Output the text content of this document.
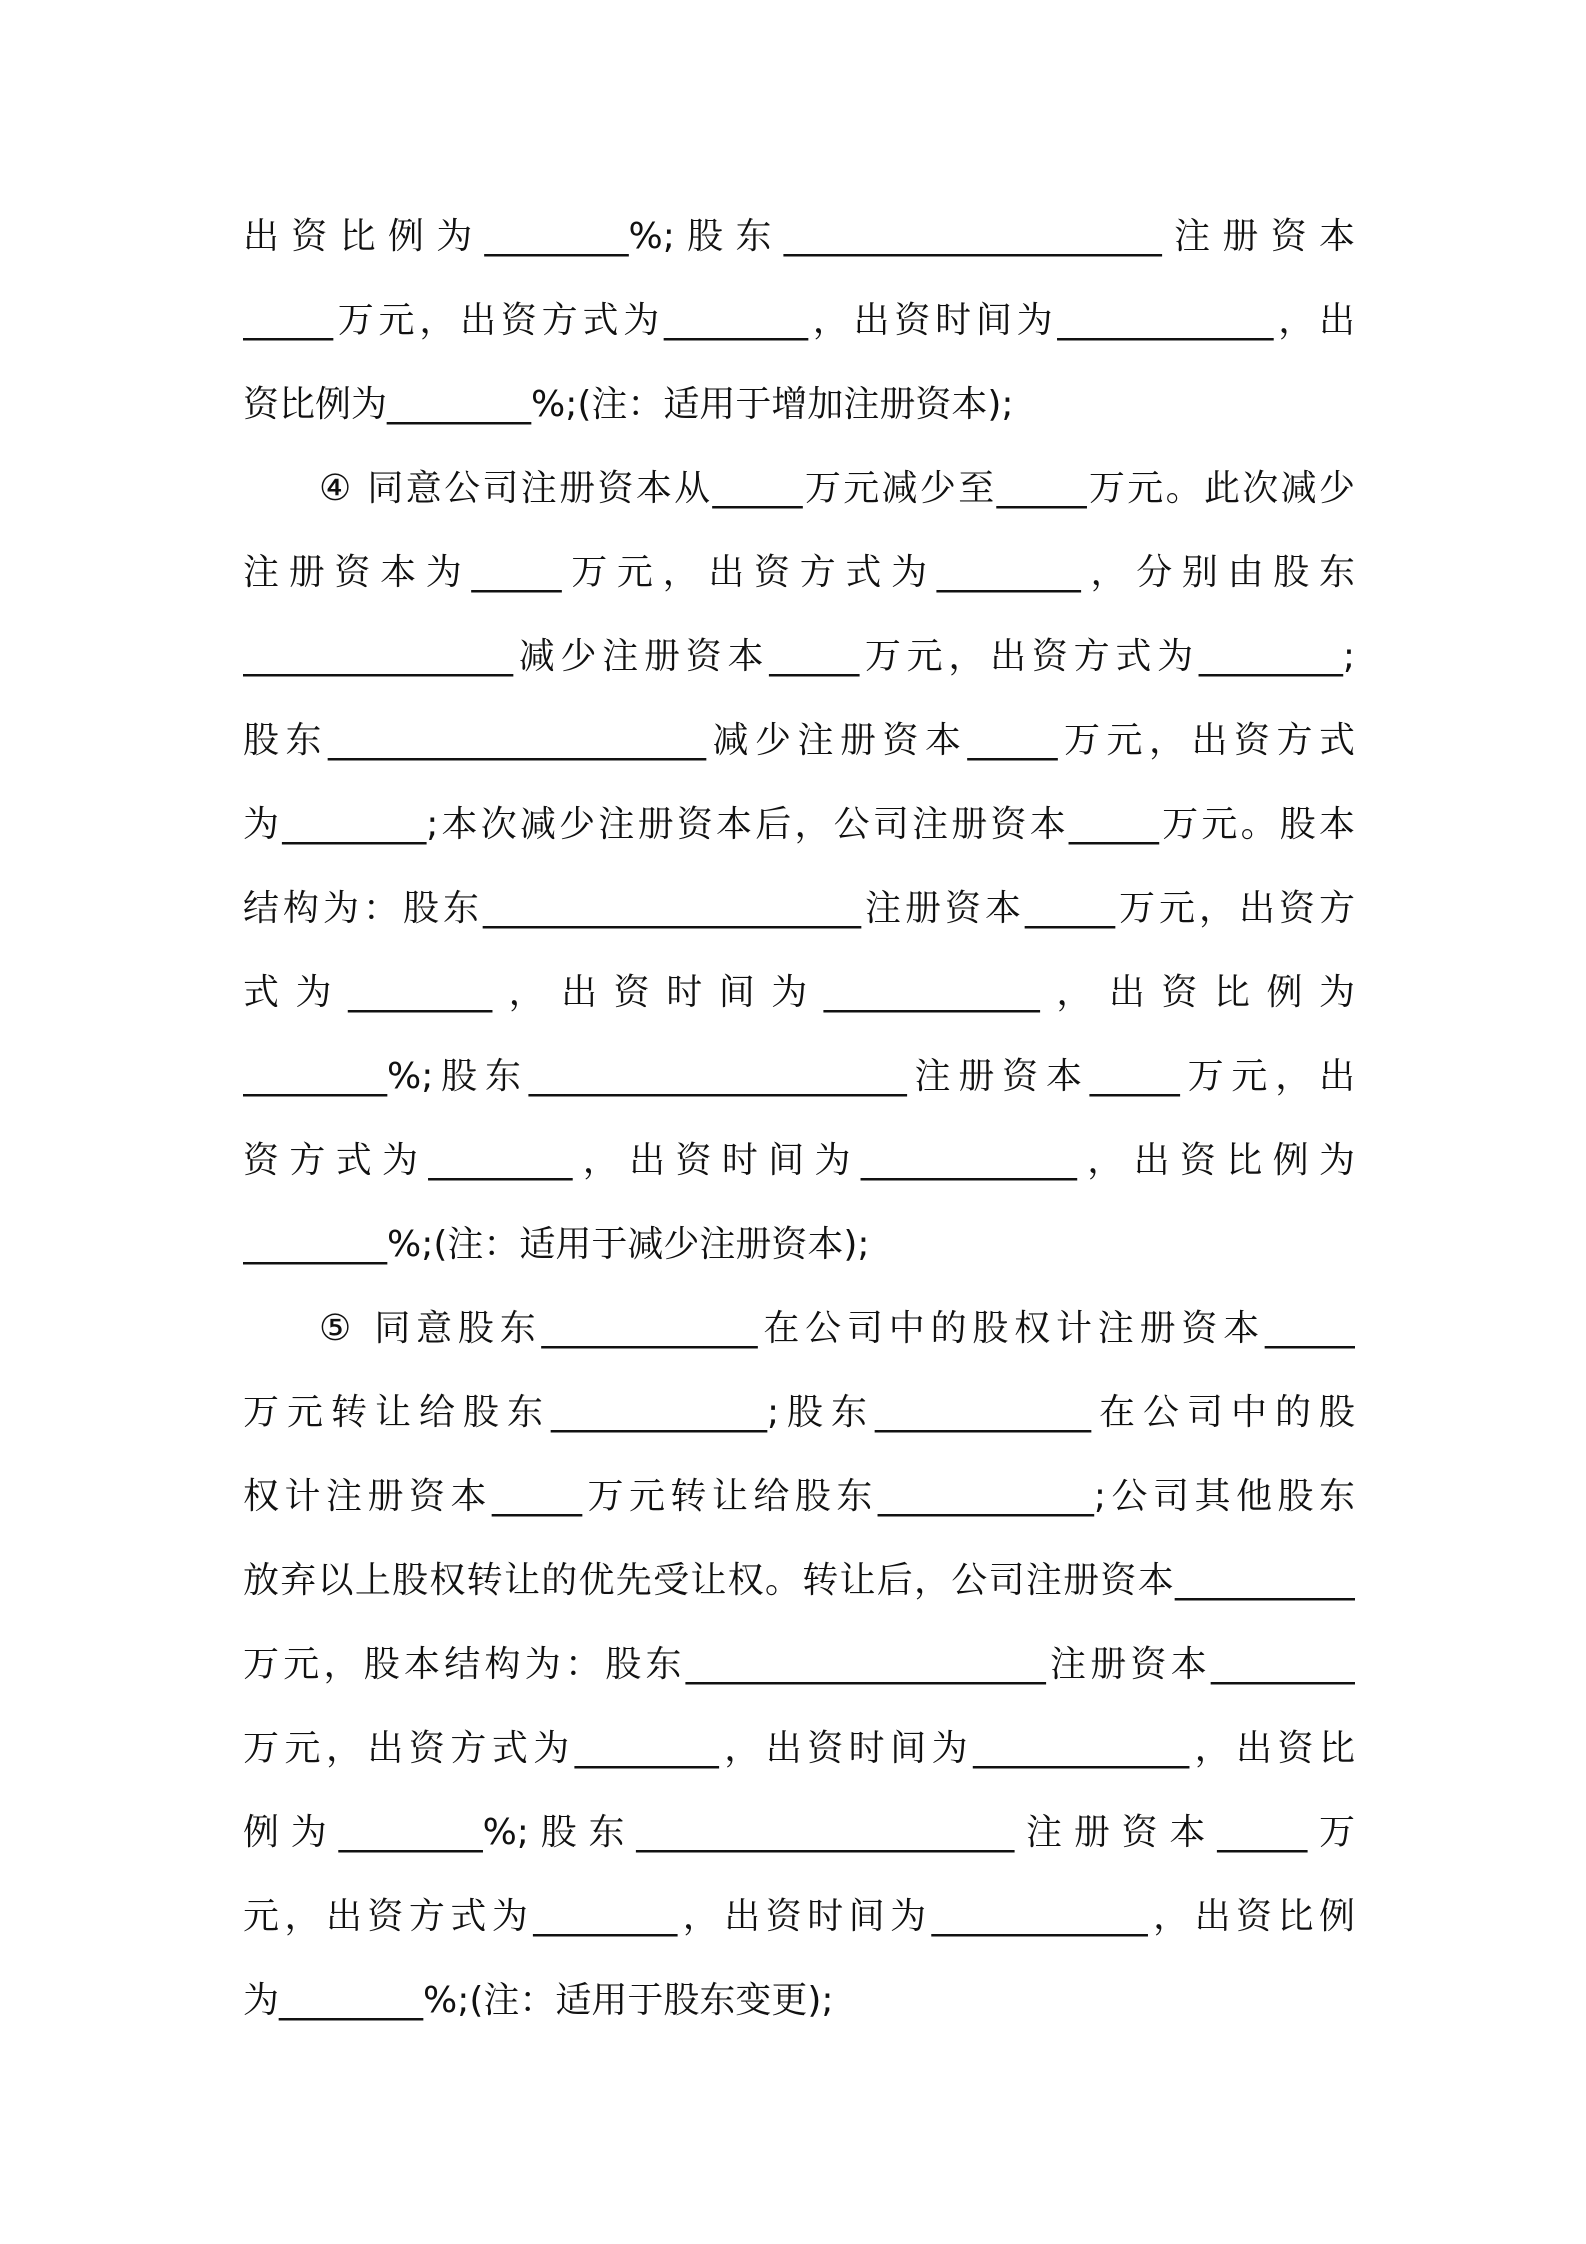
出资比例为________%;股东_____________________注册资本
_____万元，出资方式为________，出资时间为____________，出
资比例为________%;(注：适用于增加注册资本);
④ 同意公司注册资本从_____万元减少至_____万元。此次减少
注册资本为_____万元，出资方式为________，分别由股东
_______________减少注册资本_____万元，出资方式为________;
股东_____________________减少注册资本_____万元，出资方式
为________;本次减少注册资本后，公司注册资本_____万元。股本
结构为：股东_____________________注册资本_____万元，出资方
式为________，出资时间为____________，出资比例为
________%;股东_____________________注册资本_____万元，出
资方式为________，出资时间为____________，出资比例为
________%;(注：适用于减少注册资本);
⑤ 同意股东____________在公司中的股权计注册资本_____
万元转让给股东____________;股东____________在公司中的股
权计注册资本_____万元转让给股东____________;公司其他股东
放弃以上股权转让的优先受让权。转让后，公司注册资本__________
万元，股本结构为：股东____________________注册资本________
万元，出资方式为________，出资时间为____________，出资比
例为________%;股东_____________________注册资本_____万
元，出资方式为________，出资时间为____________，出资比例
为________%;(注：适用于股东变更);
